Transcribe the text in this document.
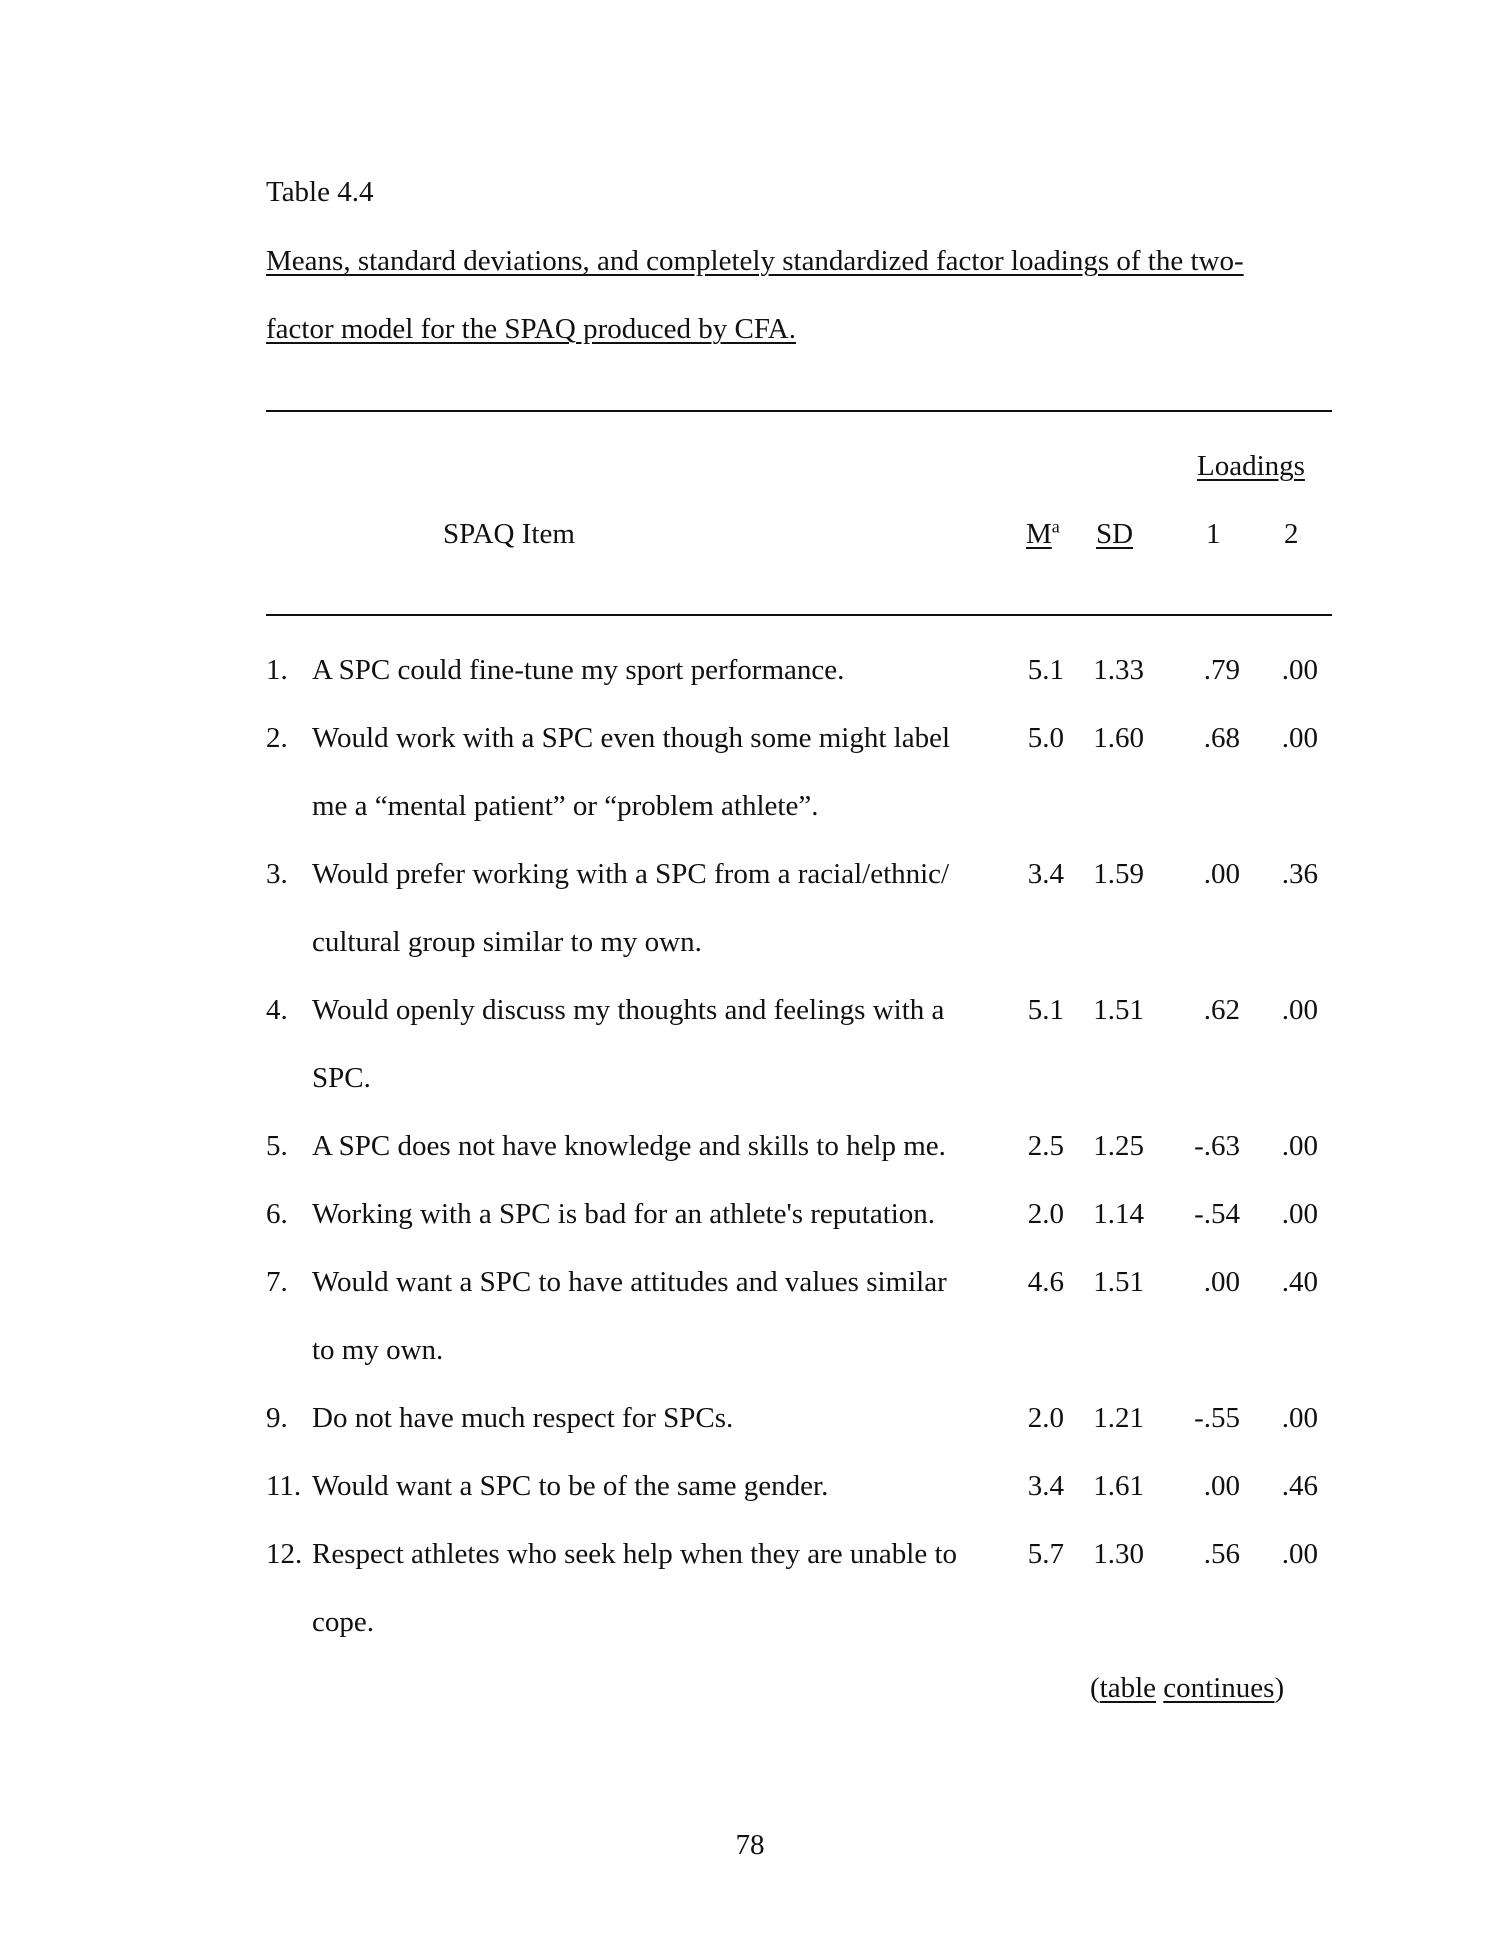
Table 4.4
Means, standard deviations, and completely standardized factor loadings of the two-
factor model for the SPAQ produced by CFA.
Loadings
SPAQ Item	$M^a$ SD	1 2
1. A SPC could fine-tune my sport performance.	5.1	1.33	.79	.00
2. Would work with a SPC even though some might label
me a “mental patient” or “problem athlete”.
5.0	1.60	.68	.00
3. Would prefer working with a SPC from a racial/ethnic/
cultural group similar to my own.
3.4	1.59	.00	.36
4. Would openly discuss my thoughts and feelings with a
SPC.
5.1	1.51	.62	.00
5. A SPC does not have knowledge and skills to help me.	2.5	1.25	-.63	.00
6. Working with a SPC is bad for an athlete's reputation.	2.0	1.14	-.54	.00
7. Would want a SPC to have attitudes and values similar
to my own.
4.6	1.51	.00	.40
9. Do not have much respect for SPCs.	2.0	1.21	-.55	.00
11. Would want a SPC to be of the same gender.	3.4	1.61	.00	.46
12. Respect athletes who seek help when they are unable to
cope.
5.7	1.30	.56	.00
(table continues)
78
